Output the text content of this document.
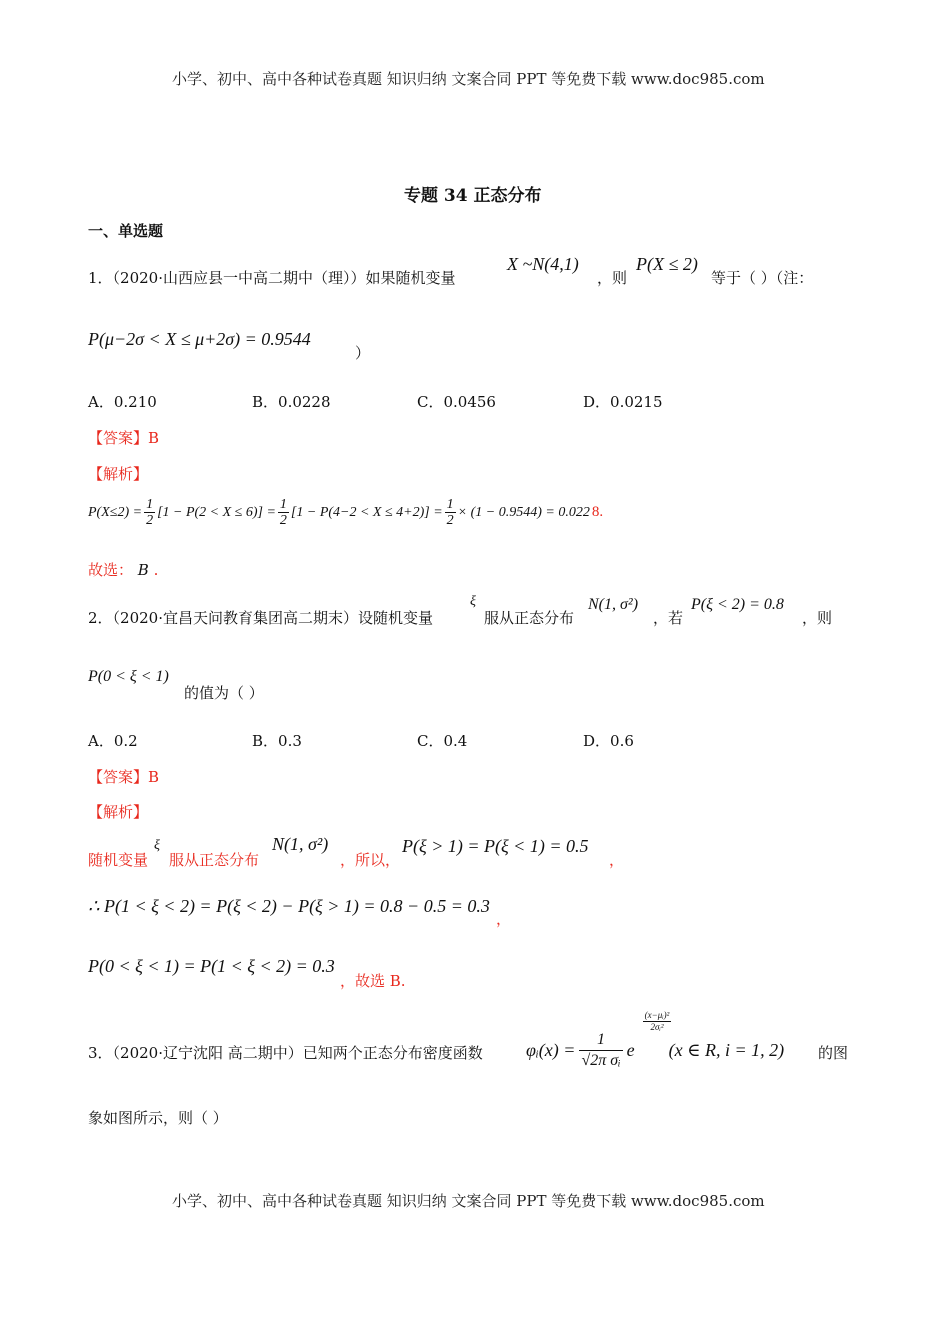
小学、初中、高中各种试卷真题 知识归纳 文案合同 PPT 等免费下载 www.doc985.com
专题 34 正态分布
一、单选题
1．（2020·山西应县一中高二期中（理））如果随机变量
X ~N(4,1)
，则
P(X ≤ 2)
等于（ ）（注：
P(μ−2σ < X ≤ μ+2σ) = 0.9544
）
A．0.210	B．0.0228	C．0.0456	D．0.0215
【答案】B
【解析】
$P(X\le 2) = \frac{1}{2} [1 - P(2 < X \le 6)] = \frac{1}{2} [1 - P(4-2 < X \le 4+2)] = \frac{1}{2} \times (1 - 0.9544) = 0.022$ 8.
故选： B .
2．（2020·宜昌天问教育集团高二期末）设随机变量
ξ
服从正态分布
N(1, σ²)
，若
P(ξ < 2) = 0.8
，则
P(0 < ξ < 1)
的值为（ ）
A．0.2	B．0.3	C．0.4	D．0.6
【答案】B
【解析】
随机变量
ξ
服从正态分布
N(1, σ²)
，所以，
P(ξ > 1) = P(ξ < 1) = 0.5
，
∴ P(1 < ξ < 2) = P(ξ < 2) − P(ξ > 1) = 0.8 − 0.5 = 0.3
，
P(0 < ξ < 1) = P(1 < ξ < 2) = 0.3
，故选 B.
3．（2020·辽宁沈阳 高二期中）已知两个正态分布密度函数 φᵢ(x) = $\frac{1}{\text{√2π σᵢ}}$ e
$\frac{\text{(x−μᵢ)²}}{\text{2σᵢ²}}$
(x ∈ R, i = 1, 2) 的图
象如图所示，则（ ）
小学、初中、高中各种试卷真题 知识归纳 文案合同 PPT 等免费下载 www.doc985.com
